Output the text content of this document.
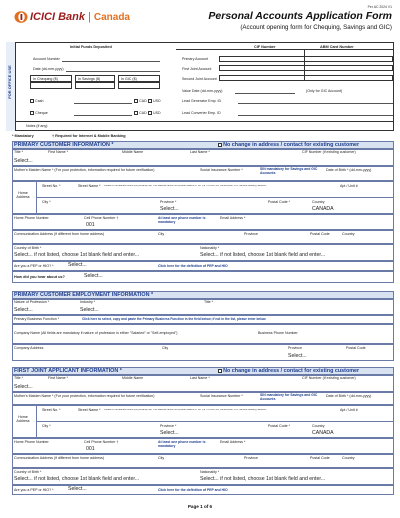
Per AC 2024 V1
ICICI Bank | Canada	Personal Accounts Application Form
(Account opening form for Chequing, Savings and GIC)
FOR OFFICE USE
Initial Funds Deposited	CIF Number	ABM Card Number
Account Number	Primary Account
Date (dd-mm-yyyy)	First Joint Account
In Chequing ($)	In Savings ($)	In GIC ($)	Second Joint Account
Value Date (dd-mm-yyyy)	(Only for GIC Account)
Cash	CAD USD	Lead Generator Emp. ID
Cheque	CAD USD	Lead Converter Emp. ID
Notes (if any):
* Mandatory	† Required for Internet & Mobile Banking
PRIMARY CUSTOMER INFORMATION *	No change in address / contact for existing customer
Title *	First Name *	Middle Name	Last Name *	CIF Number (if existing customer)
Select...
Mother's Maiden Name * (For your protection, information required for future verification)	Social Insurance Number *	SIN mandatory for Savings and GIC Accounts
Date of Birth * (dd-mm-yyyy)
Home Address
Street No. *	Street Name * Please fill the address where you presently live. This address cannot be a postal mailbox or 'c/o' (i.e. PO Box, RR, Rural Route, C/O, General Delivery) address.	Apt / Unit #
City *	Province *
Select...
Postal Code *	Country
CANADA
Home Phone Number	Cell Phone Number †
001
At least one phone number is mandatory
Email Address *
Communication Address (if different from home address)	City	Province	Postal Code	Country
Country of Birth *
Select... if not listed, choose 1st blank field and enter...
Nationality *
Select... if not listed, choose 1st blank field and enter...
Are you a PEP or HIO? *	Select...	Click here for the definition of PEP and HIO
How did you hear about us?	Select...
PRIMARY CUSTOMER EMPLOYMENT INFORMATION *
Nature of Profession *
Select...
Industry *
Select...
Title *
Primary Business Function *	Click here to select, copy and paste the Primary Business Function in the field below; if not in the list, please enter below.
Company Name (All fields are mandatory if nature of profession is either "Salaried" or "Self-employed")	Business Phone Number
Company Address	City	Province
Select...
Postal Code
FIRST JOINT APPLICANT INFORMATION *	No change in address / contact for existing customer
Title *	First Name *	Middle Name	Last Name *	CIF Number (if existing customer)
Select...
Mother's Maiden Name * (For your protection, information required for future verification)	Social Insurance Number *	SIN mandatory for Savings and GIC Accounts
Date of Birth * (dd-mm-yyyy)
Home Address
Street No. *	Street Name * Please fill the address where you presently live. This address cannot be a postal mailbox or 'c/o' (i.e. PO Box, RR, Rural Route, C/O, General Delivery) address.	Apt / Unit #
City *	Province *
Select...
Postal Code *	Country
CANADA
Home Phone Number	Cell Phone Number †
001
At least one phone number is mandatory
Email Address *
Communication Address (if different from home address)	City	Province	Postal Code	Country
Country of Birth *
Select... if not listed, choose 1st blank field and enter...
Nationality *
Select... if not listed, choose 1st blank field and enter...
Are you a PEP or HIO? *	Select...	Click here for the definition of PEP and HIO
Page 1 of 6
